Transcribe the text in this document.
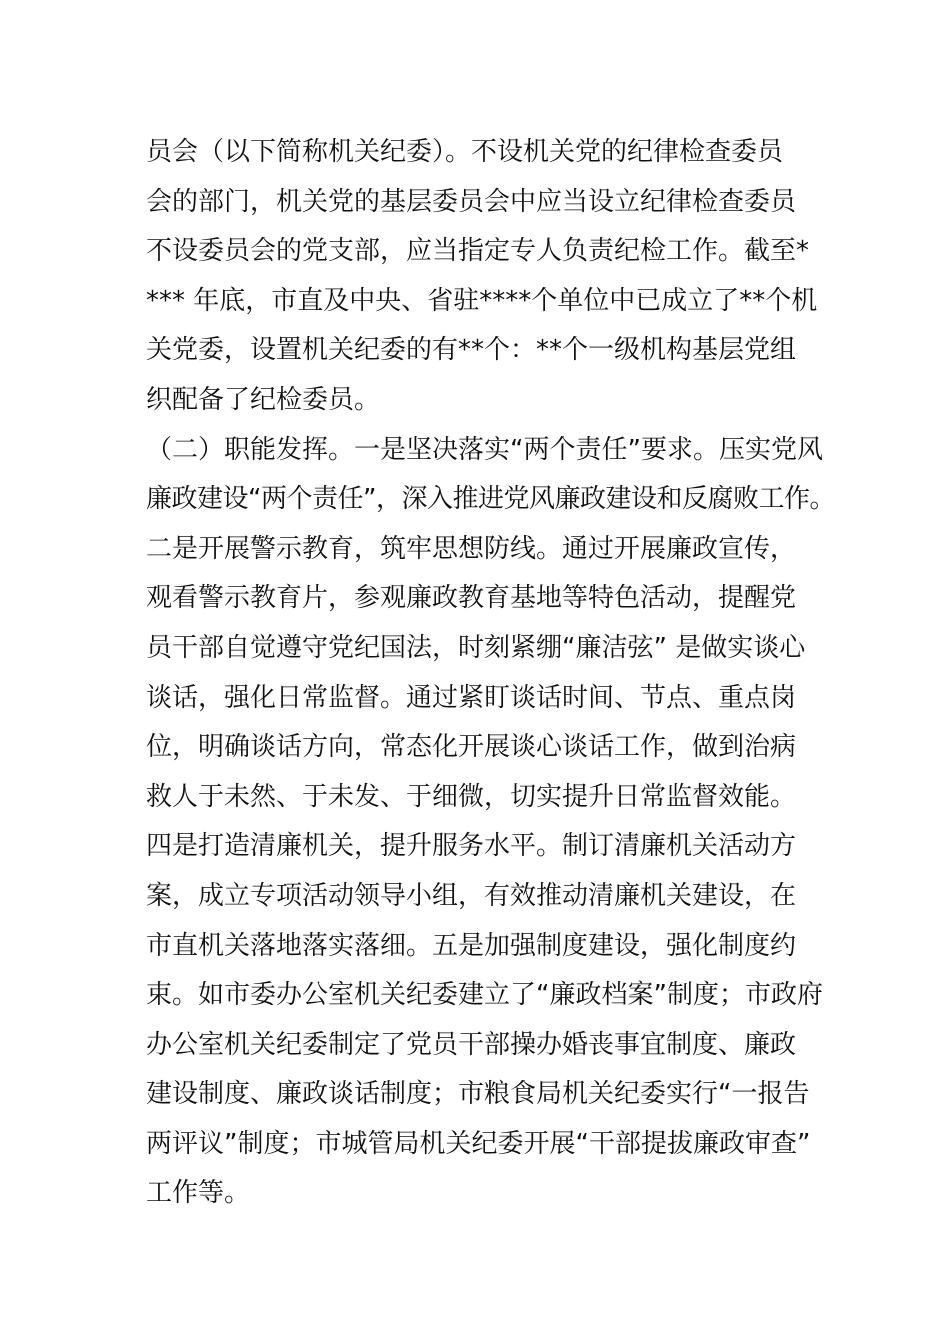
员会（以下简称机关纪委）。不设机关党的纪律检查委员
会的部门，机关党的基层委员会中应当设立纪律检查委员
不设委员会的党支部，应当指定专人负责纪检工作。截至*
*** 年底，市直及中央、省驻****个单位中已成立了**个机
关党委，设置机关纪委的有**个：**个一级机构基层党组
织配备了纪检委员。
（二）职能发挥。一是坚决落实“两个责任”要求。压实党风
廉政建设“两个责任”，深入推进党风廉政建设和反腐败工作。
二是开展警示教育，筑牢思想防线。通过开展廉政宣传，
观看警示教育片，参观廉政教育基地等特色活动，提醒党
员干部自觉遵守党纪国法，时刻紧绷“廉洁弦” 是做实谈心
谈话，强化日常监督。通过紧盯谈话时间、节点、重点岗
位，明确谈话方向，常态化开展谈心谈话工作，做到治病
救人于未然、于未发、于细微，切实提升日常监督效能。
四是打造清廉机关，提升服务水平。制订清廉机关活动方
案，成立专项活动领导小组，有效推动清廉机关建设，在
市直机关落地落实落细。五是加强制度建设，强化制度约
束。如市委办公室机关纪委建立了“廉政档案”制度；市政府
办公室机关纪委制定了党员干部操办婚丧事宜制度、廉政
建设制度、廉政谈话制度；市粮食局机关纪委实行“一报告
两评议”制度；市城管局机关纪委开展“干部提拔廉政审查”
工作等。
